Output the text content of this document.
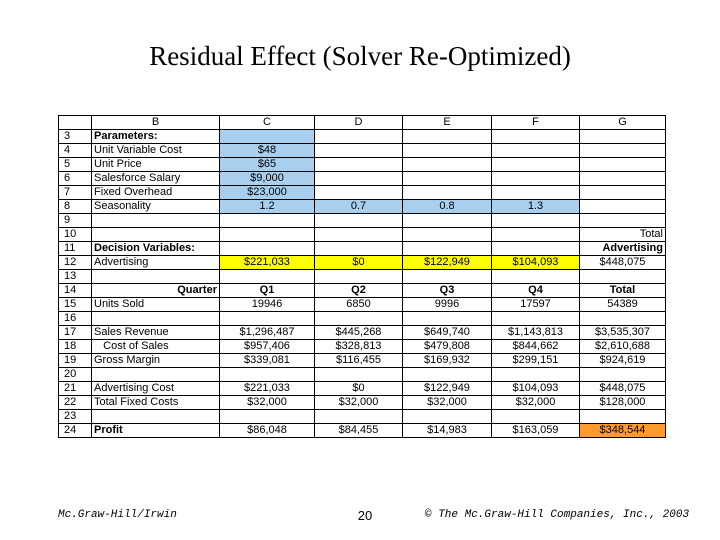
Residual Effect (Solver Re-Optimized)
	B	C	D	E	F	G
3	Parameters:					
4	Unit Variable Cost	$48				
5	Unit Price	$65				
6	Salesforce Salary	$9,000				
7	Fixed Overhead	$23,000				
8	Seasonality	1.2	0.7	0.8	1.3	
9						
10						Total
11	Decision Variables:					Advertising
12	Advertising	$221,033	$0	$122,949	$104,093	$448,075
13						
14	Quarter	Q1	Q2	Q3	Q4	Total
15	Units Sold	19946	6850	9996	17597	54389
16						
17	Sales Revenue	$1,296,487	$445,268	$649,740	$1,143,813	$3,535,307
18	Cost of Sales	$957,406	$328,813	$479,808	$844,662	$2,610,688
19	Gross Margin	$339,081	$116,455	$169,932	$299,151	$924,619
20						
21	Advertising Cost	$221,033	$0	$122,949	$104,093	$448,075
22	Total Fixed Costs	$32,000	$32,000	$32,000	$32,000	$128,000
23						
24	Profit	$86,048	$84,455	$14,983	$163,059	$348,544
Mc.Graw-Hill/Irwin	20	© The Mc.Graw-Hill Companies, Inc., 2003
